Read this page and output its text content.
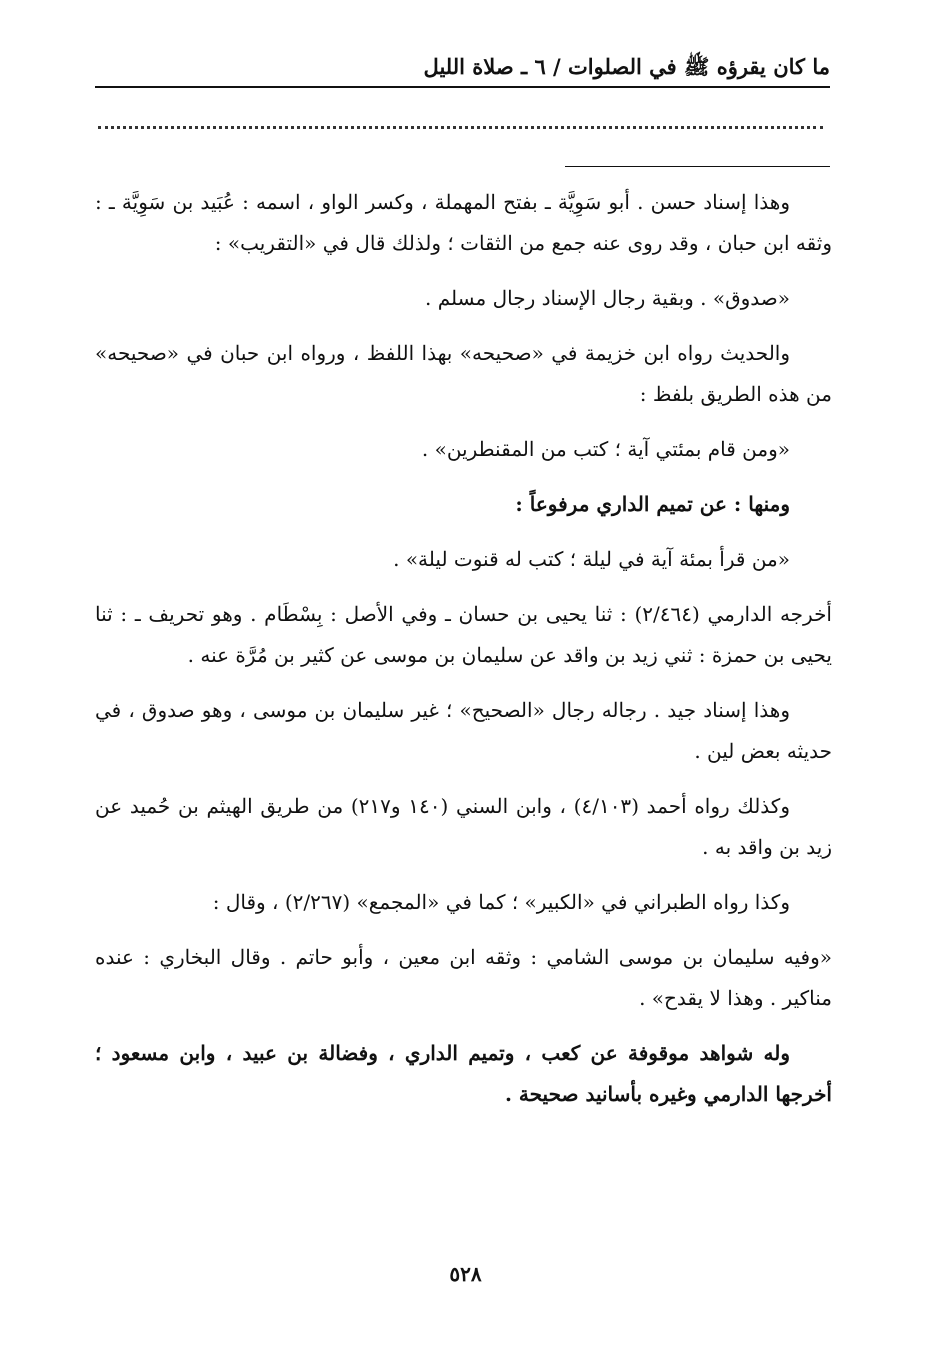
ما كان يقرؤه ﷺ في الصلوات / ٦ ـ صلاة الليل

وهذا إسناد حسن . أبو سَوِيَّة ـ بفتح المهملة ، وكسر الواو ، اسمه : عُبَيد بن سَوِيَّة ـ : وثقه ابن حبان ، وقد روى عنه جمع من الثقات ؛ ولذلك قال في «التقريب» :

«صدوق» . وبقية رجال الإسناد رجال مسلم .

والحديث رواه ابن خزيمة في «صحيحه» بهذا اللفظ ، ورواه ابن حبان في «صحيحه» من هذه الطريق بلفظ :

«ومن قام بمئتي آية ؛ كتب من المقنطرين» .

ومنها : عن تميم الداري مرفوعاً :

«من قرأ بمئة آية في ليلة ؛ كتب له قنوت ليلة» .

أخرجه الدارمي (٢/٤٦٤) : ثنا يحيى بن حسان ـ وفي الأصل : بِسْطَام . وهو تحريف ـ : ثنا يحيى بن حمزة : ثني زيد بن واقد عن سليمان بن موسى عن كثير بن مُرَّة عنه .

وهذا إسناد جيد . رجاله رجال «الصحيح» ؛ غير سليمان بن موسى ، وهو صدوق ، في حديثه بعض لين .

وكذلك رواه أحمد (٤/١٠٣) ، وابن السني (١٤٠ و٢١٧) من طريق الهيثم بن حُميد عن زيد بن واقد به .

وكذا رواه الطبراني في «الكبير» ؛ كما في «المجمع» (٢/٢٦٧) ، وقال :

«وفيه سليمان بن موسى الشامي : وثقه ابن معين ، وأبو حاتم . وقال البخاري : عنده مناكير . وهذا لا يقدح» .

وله شواهد موقوفة عن كعب ، وتميم الداري ، وفضالة بن عبيد ، وابن مسعود ؛ أخرجها الدارمي وغيره بأسانيد صحيحة .

٥٢٨
